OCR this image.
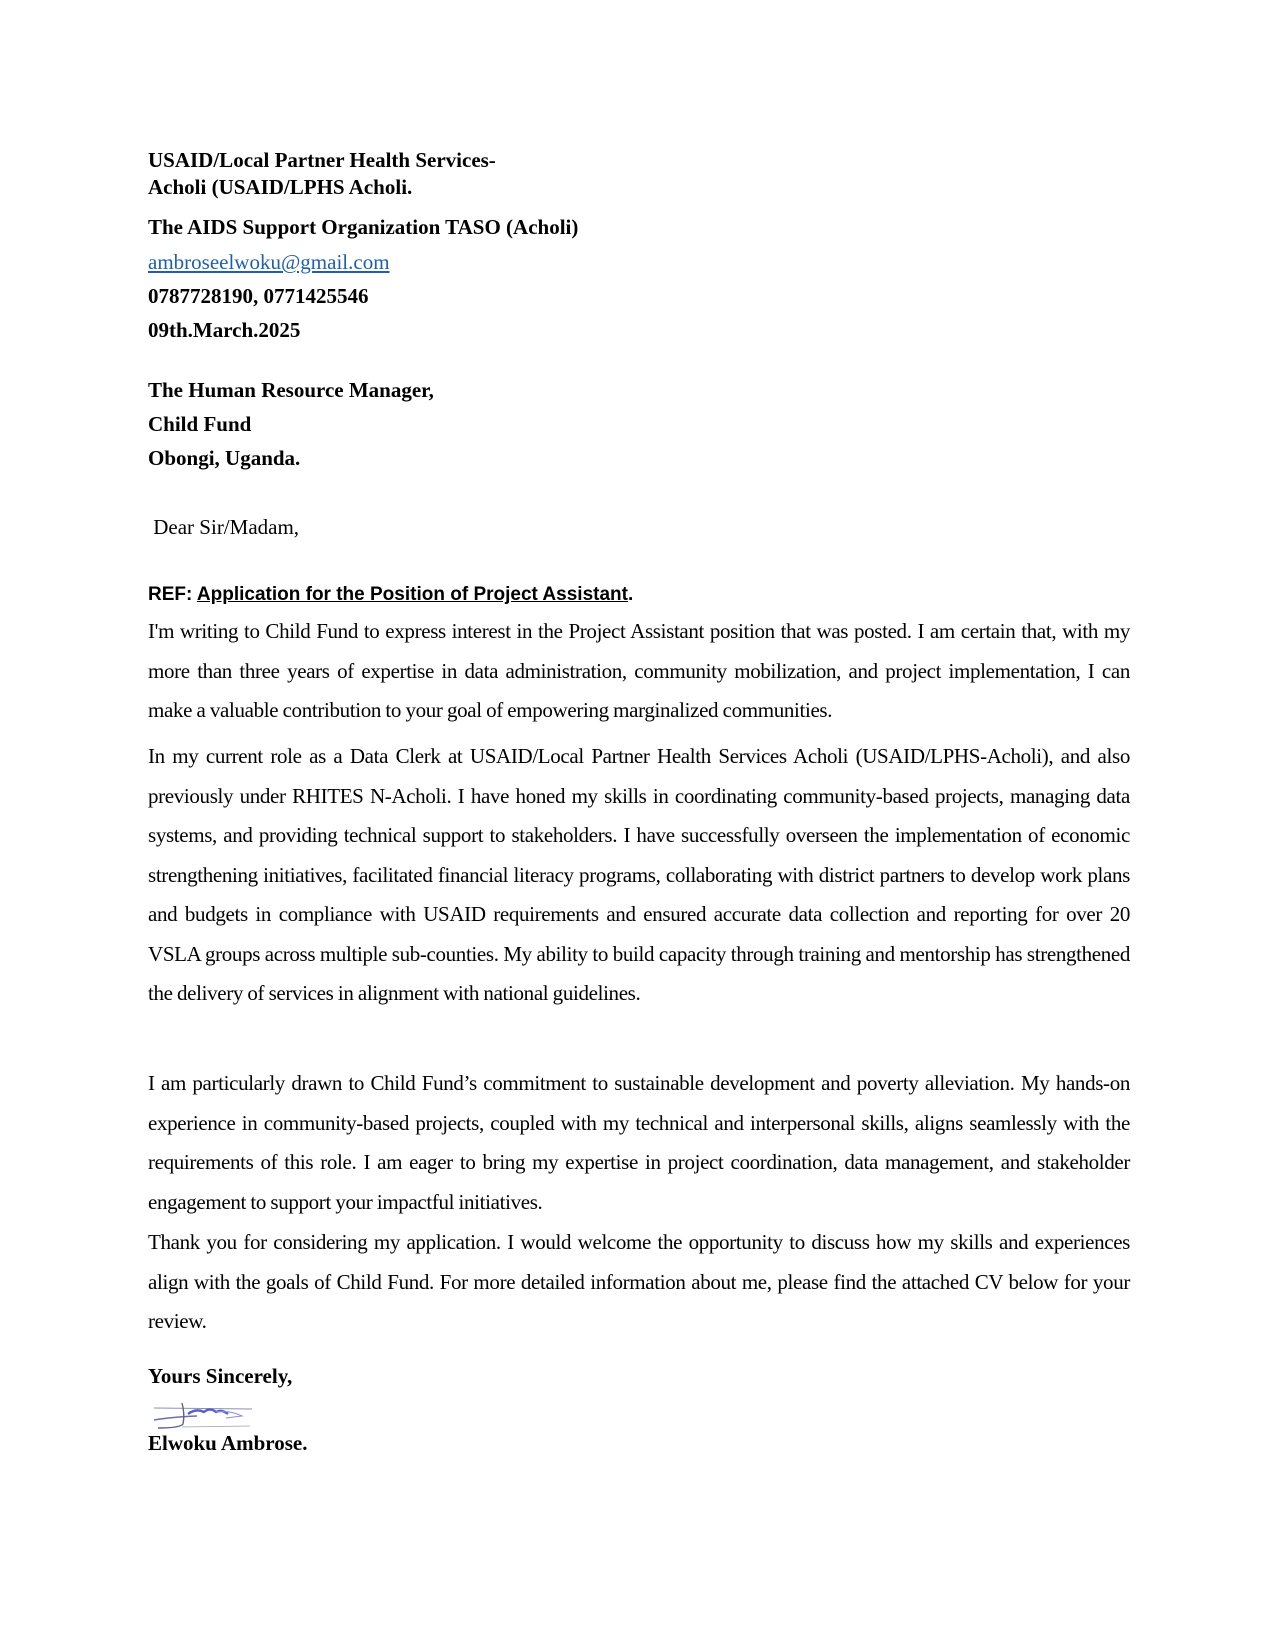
USAID/Local Partner Health Services-
Acholi (USAID/LPHS Acholi.
The AIDS Support Organization TASO (Acholi)
ambroseelwoku@gmail.com
0787728190, 0771425546
09th.March.2025
The Human Resource Manager,
Child Fund
Obongi, Uganda.
Dear Sir/Madam,
REF: Application for the Position of Project Assistant.
I'm writing to Child Fund to express interest in the Project Assistant position that was posted. I am certain that, with my more than three years of expertise in data administration, community mobilization, and project implementation, I can make a valuable contribution to your goal of empowering marginalized communities.
In my current role as a Data Clerk at USAID/Local Partner Health Services Acholi (USAID/LPHS-Acholi), and also previously under RHITES N-Acholi. I have honed my skills in coordinating community-based projects, managing data systems, and providing technical support to stakeholders. I have successfully overseen the implementation of economic strengthening initiatives, facilitated financial literacy programs, collaborating with district partners to develop work plans and budgets in compliance with USAID requirements and ensured accurate data collection and reporting for over 20 VSLA groups across multiple sub-counties. My ability to build capacity through training and mentorship has strengthened the delivery of services in alignment with national guidelines.
I am particularly drawn to Child Fund’s commitment to sustainable development and poverty alleviation. My hands-on experience in community-based projects, coupled with my technical and interpersonal skills, aligns seamlessly with the requirements of this role. I am eager to bring my expertise in project coordination, data management, and stakeholder engagement to support your impactful initiatives.
Thank you for considering my application. I would welcome the opportunity to discuss how my skills and experiences align with the goals of Child Fund. For more detailed information about me, please find the attached CV below for your review.
Yours Sincerely,
Elwoku Ambrose.
